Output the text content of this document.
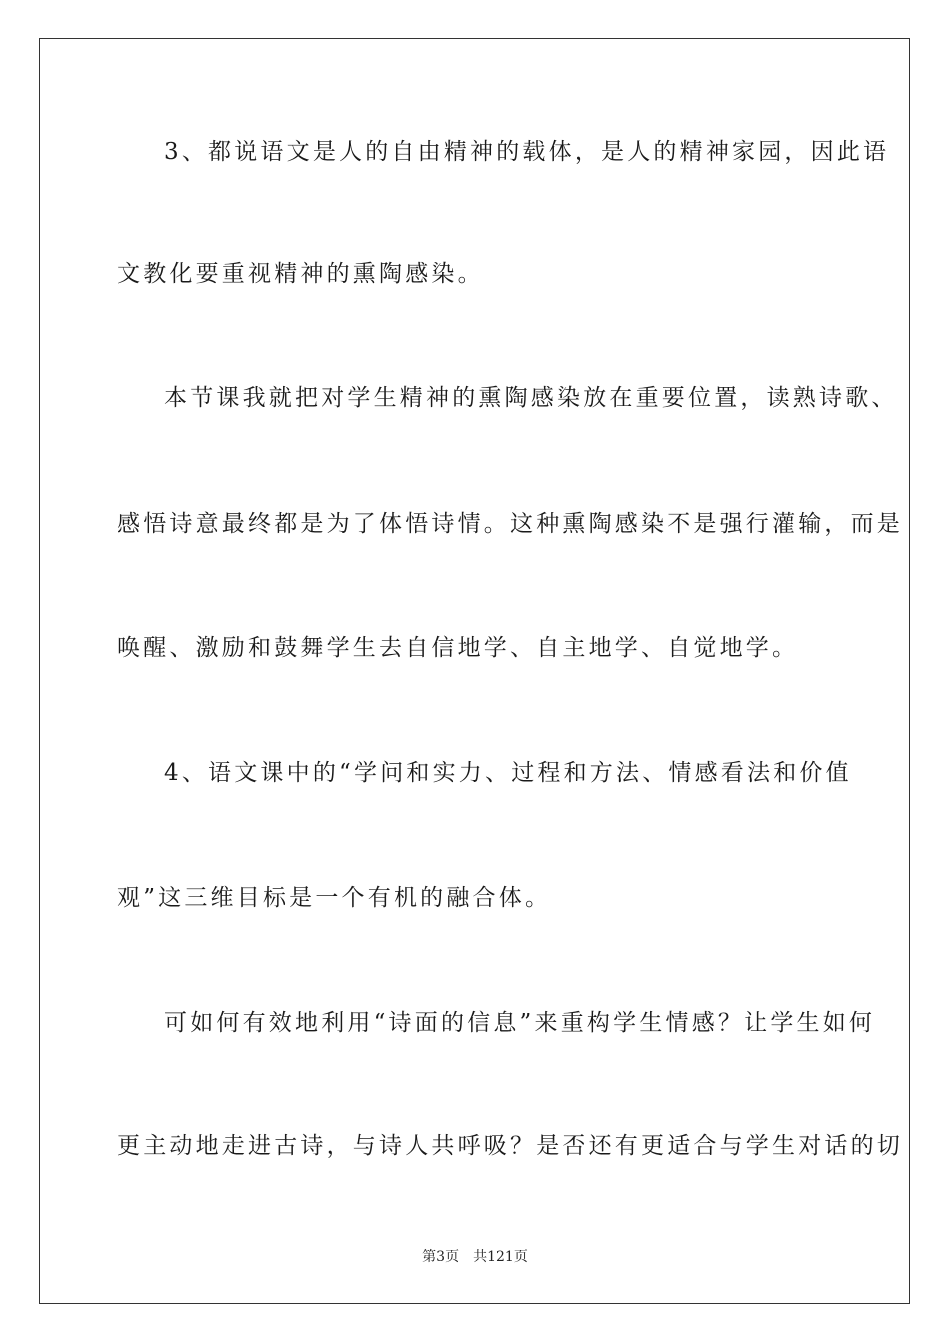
3、都说语文是人的自由精神的载体，是人的精神家园，因此语
文教化要重视精神的熏陶感染。
本节课我就把对学生精神的熏陶感染放在重要位置，读熟诗歌、
感悟诗意最终都是为了体悟诗情。这种熏陶感染不是强行灌输，而是
唤醒、激励和鼓舞学生去自信地学、自主地学、自觉地学。
4、语文课中的“学问和实力、过程和方法、情感看法和价值
观”这三维目标是一个有机的融合体。
可如何有效地利用“诗面的信息”来重构学生情感？让学生如何
更主动地走进古诗，与诗人共呼吸？是否还有更适合与学生对话的切
第3页 共121页
